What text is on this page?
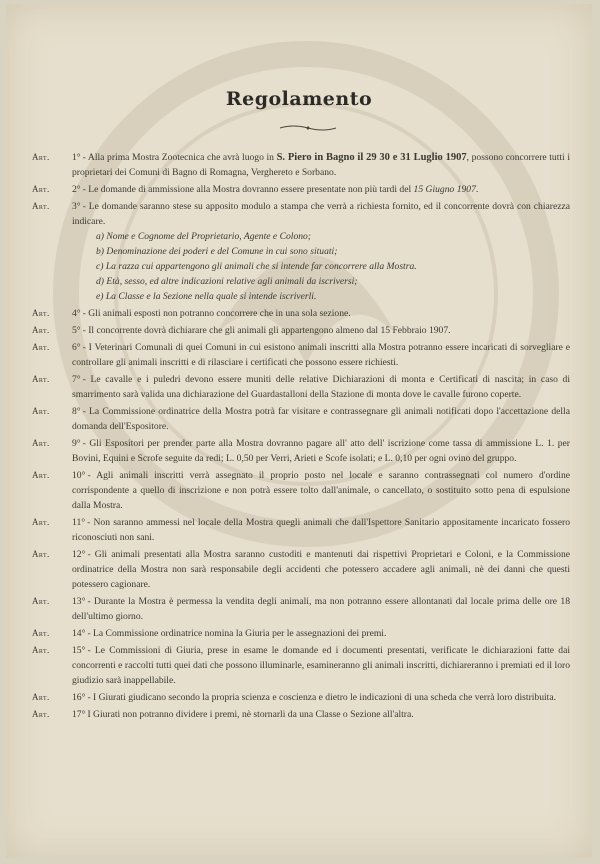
Regolamento
Art.	1° - Alla prima Mostra Zootecnica che avrà luogo in S. Piero in Bagno il 29 30 e 31 Luglio 1907, possono concorrere tutti i proprietari dei Comuni di Bagno di Romagna, Verghereto e Sorbano.
Art.	2° - Le domande di ammissione alla Mostra dovranno essere presentate non più tardi del 15 Giugno 1907.
Art.	3° - Le domande saranno stese su apposito modulo a stampa che verrà a richiesta fornito, ed il concorrente dovrà con chiarezza indicare.
a) Nome e Cognome del Proprietario, Agente e Colono;
b) Denominazione dei poderi e del Comune in cui sono situati;
c) La razza cui appartengono gli animali che si intende far concorrere alla Mostra.
d) Età, sesso, ed altre indicazioni relative agli animali da iscriversi;
e) La Classe e la Sezione nella quale si intende iscriverli.
Art.	4° - Gli animali esposti non potranno concorrere che in una sola sezione.
Art.	5° - Il concorrente dovrà dichiarare che gli animali gli appartengono almeno dal 15 Febbraio 1907.
Art.	6° - I Veterinari Comunali di quei Comuni in cui esistono animali inscritti alla Mostra potranno essere incaricati di sorvegliare e controllare gli animali inscritti e di rilasciare i certificati che possono essere richiesti.
Art.	7° - Le cavalle e i puledri devono essere muniti delle relative Dichiarazioni di monta e Certificati di nascita; in caso di smarrimento sarà valida una dichiarazione del Guardastalloni della Stazione di monta dove le cavalle furono coperte.
Art.	8° - La Commissione ordinatrice della Mostra potrà far visitare e contrassegnare gli animali notificati dopo l'accettazione della domanda dell'Espositore.
Art.	9° - Gli Espositori per prender parte alla Mostra dovranno pagare all' atto dell' iscrizione come tassa di ammissione L. 1. per Bovini, Equini e Scrofe seguite da redi; L. 0,50 per Verri, Arieti e Scofe isolati; e L. 0,10 per ogni ovino del gruppo.
Art.	10° - Agli animali inscritti verrà assegnato il proprio posto nel locale e saranno contrassegnati col numero d'ordine corrispondente a quello di inscrizione e non potrà essere tolto dall'animale, o cancellato, o sostituito sotto pena di espulsione dalla Mostra.
Art.	11° - Non saranno ammessi nel locale della Mostra quegli animali che dall'Ispettore Sanitario appositamente incaricato fossero riconosciuti non sani.
Art.	12° - Gli animali presentati alla Mostra saranno custoditi e mantenuti dai rispettivi Proprietari e Coloni, e la Commissione ordinatrice della Mostra non sarà responsabile degli accidenti che potessero accadere agli animali, nè dei danni che questi potessero cagionare.
Art.	13° - Durante la Mostra è permessa la vendita degli animali, ma non potranno essere allontanati dal locale prima delle ore 18 dell'ultimo giorno.
Art.	14° - La Commissione ordinatrice nomina la Giuria per le assegnazioni dei premi.
Art.	15° - Le Commissioni di Giuria, prese in esame le domande ed i documenti presentati, verificate le dichiarazioni fatte dai concorrenti e raccolti tutti quei dati che possono illuminarle, esamineranno gli animali inscritti, dichiareranno i premiati ed il loro giudizio sarà inappellabile.
Art.	16° - I Giurati giudicano secondo la propria scienza e coscienza e dietro le indicazioni di una scheda che verrà loro distribuita.
Art.	17° I Giurati non potranno dividere i premi, nè stornarli da una Classe o Sezione all'altra.
